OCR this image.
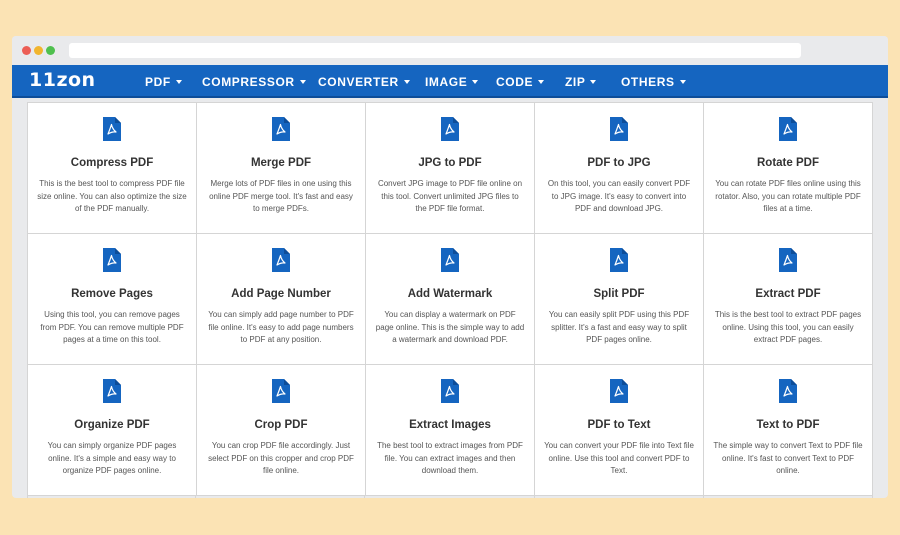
11zon	PDF	COMPRESSOR	CONVERTER	IMAGE	CODE	ZIP	OTHERS
Compress PDF
This is the best tool to compress PDF file size online. You can also optimize the size of the PDF manually.
Merge PDF
Merge lots of PDF files in one using this online PDF merge tool. It's fast and easy to merge PDFs.
JPG to PDF
Convert JPG image to PDF file online on this tool. Convert unlimited JPG files to the PDF file format.
PDF to JPG
On this tool, you can easily convert PDF to JPG image. It's easy to convert into PDF and download JPG.
Rotate PDF
You can rotate PDF files online using this rotator. Also, you can rotate multiple PDF files at a time.
Remove Pages
Using this tool, you can remove pages from PDF. You can remove multiple PDF pages at a time on this tool.
Add Page Number
You can simply add page number to PDF file online. It's easy to add page numbers to PDF at any position.
Add Watermark
You can display a watermark on PDF page online. This is the simple way to add a watermark and download PDF.
Split PDF
You can easily split PDF using this PDF splitter. It's a fast and easy way to split PDF pages online.
Extract PDF
This is the best tool to extract PDF pages online. Using this tool, you can easily extract PDF pages.
Organize PDF
You can simply organize PDF pages online. It's a simple and easy way to organize PDF pages online.
Crop PDF
You can crop PDF file accordingly. Just select PDF on this cropper and crop PDF file online.
Extract Images
The best tool to extract images from PDF file. You can extract images and then download them.
PDF to Text
You can convert your PDF file into Text file online. Use this tool and convert PDF to Text.
Text to PDF
The simple way to convert Text to PDF file online. It's fast to convert Text to PDF online.
